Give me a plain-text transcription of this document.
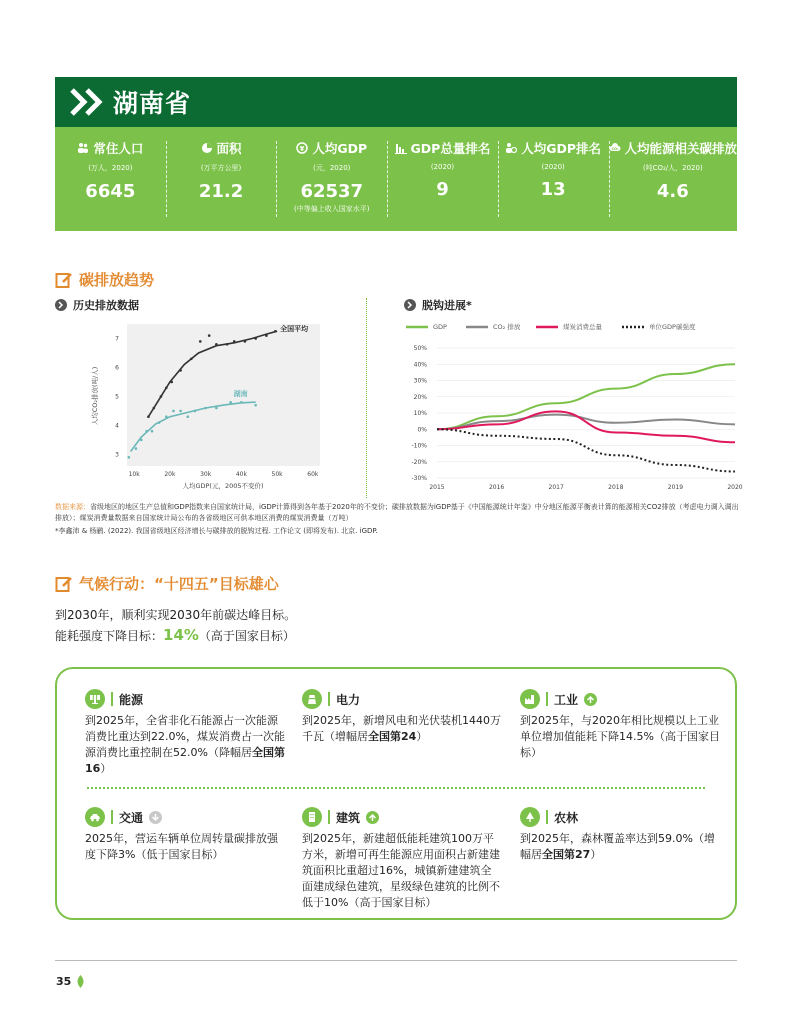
湖南省
常住人口
(万人，2020)
6645
面积
(万平方公里)
21.2
¥ 人均GDP
(元，2020)
62537
(中等偏上收入国家水平)
GDP总量排名
(2020)
9
人均GDP排名
(2020)
13
CO₂ 人均能源相关碳排放
(吨CO₂/人，2020)
4.6
碳排放趋势
历史排放数据	脱钩进展*
10k	20k	30k	40k	50k	60k
3
4
5
6
7
人均GDP(元，2005不变价)
人均CO₂排放(吨/人)
全国平均
湖南
GDP	CO₂ 排放	煤炭消费总量	单位GDP碳强度
50%
40%
30%
20%
10%
0%
-10%
-20%
-30%
2015	2016	2017	2018	2019	2020
数据来源：省级地区的地区生产总值和GDP指数来自国家统计局，iGDP计算得到各年基于2020年的不变价；碳排放数据为iGDP基于《中国能源统计年鉴》中分地区能源平衡表计算的能源相关CO2排放（考虑电力调入调出排放）；煤炭消费量数据来自国家统计局公布的各省级地区可供本地区消费的煤炭消费量（万吨）
*李鑫沛 & 杨鹂. (2022). 我国省级地区经济增长与碳排放的脱钩过程. 工作论文 (即将发布). 北京. iGDP.
气候行动：“十四五”目标雄心
到2030年，顺利实现2030年前碳达峰目标。
能耗强度下降目标：14%（高于国家目标）
能源
到2025年，全省非化石能源占一次能源消费比重达到22.0%，煤炭消费占一次能源消费比重控制在52.0%（降幅居全国第16）
电力
到2025年，新增风电和光伏装机1440万千瓦（增幅居全国第24）
工业
到2025年，与2020年相比规模以上工业单位增加值能耗下降14.5%（高于国家目标）
交通
2025年，营运车辆单位周转量碳排放强度下降3%（低于国家目标）
建筑
到2025年，新建超低能耗建筑100万平方米，新增可再生能源应用面积占新建建筑面积比重超过16%，城镇新建建筑全面建成绿色建筑，星级绿色建筑的比例不低于10%（高于国家目标）
农林
到2025年，森林覆盖率达到59.0%（增幅居全国第27）
35
